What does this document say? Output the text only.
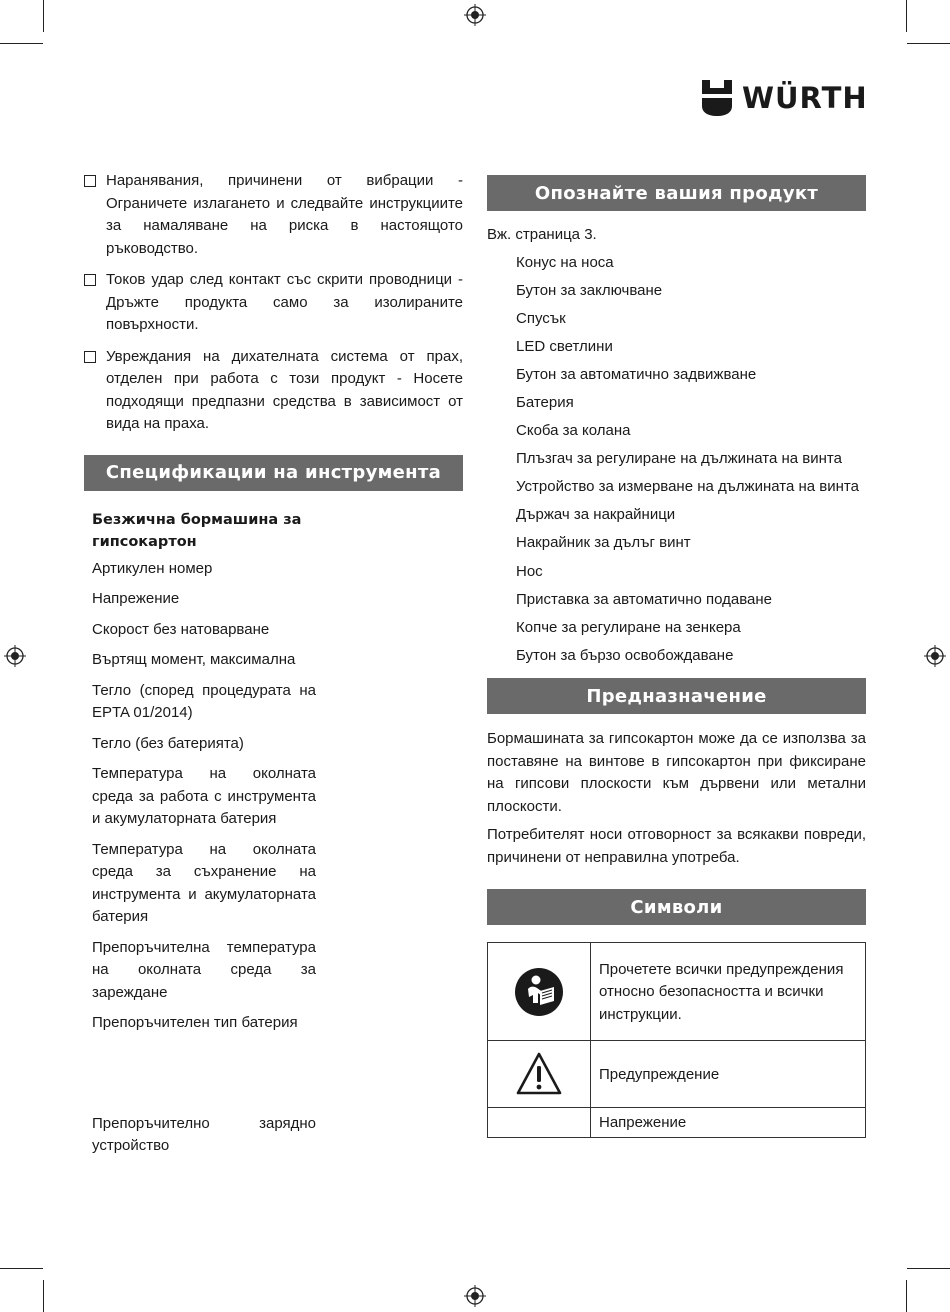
WÜRTH
Наранявания, причинени от вибрации - Ограничете излагането и следвайте инструкциите за намаляване на риска в настоящото ръководство.
Токов удар след контакт със скрити проводници - Дръжте продукта само за изолираните повърхности.
Увреждания на дихателната система от прах, отделен при работа с този продукт - Носете подходящи предпазни средства в зависимост от вида на праха.
Спецификации на инструмента
Безжична бормашина за гипсокартон
Артикулен номер
Напрежение
Скорост без натоварване
Въртящ момент, максимална
Тегло (според процедурата на EPTA 01/2014)
Тегло (без батерията)
Температура на околната среда за работа с инструмента и акумулаторната батерия
Температура на околната среда за съхранение на инструмента и акумулаторната батерия
Препоръчителна температура на околната среда за зареждане
Препоръчителен тип батерия
Препоръчително зарядно устройство
Опознайте вашия продукт
Вж. страница 3.
Конус на носа
Бутон за заключване
Спусък
LED светлини
Бутон за автоматично задвижване
Батерия
Скоба за колана
Плъзгач за регулиране на дължината на винта
Устройство за измерване на дължината на винта
Държач за накрайници
Накрайник за дълъг винт
Нос
Приставка за автоматично подаване
Копче за регулиране на зенкера
Бутон за бързо освобождаване
Предназначение
Бормашината за гипсокартон може да се използва за поставяне на винтове в гипсокартон при фиксиране на гипсови плоскости към дървени или метални плоскости.
Потребителят носи отговорност за всякакви повреди, причинени от неправилна употреба.
Символи
	Прочетете всички предупреждения относно безопасността и всички инструкции.

	Предупреждение
	Напрежение
